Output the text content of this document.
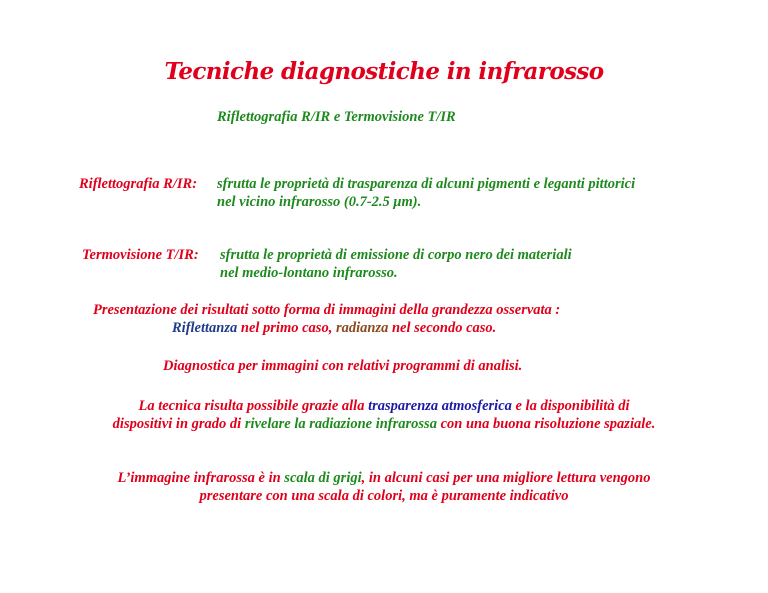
Tecniche diagnostiche in infrarosso
Riflettografia R/IR e Termovisione T/IR
Riflettografia R/IR: sfrutta le proprietà di trasparenza di alcuni pigmenti e leganti pittorici
nel vicino infrarosso (0.7-2.5 μm).
Termovisione T/IR: sfrutta le proprietà di emissione di corpo nero dei materiali
nel medio-lontano infrarosso.
Presentazione dei risultati sotto forma di immagini della grandezza osservata :
Riflettanza nel primo caso, radianza nel secondo caso.
Diagnostica per immagini con relativi programmi di analisi.
La tecnica risulta possibile grazie alla trasparenza atmosferica e la disponibilità di
dispositivi in grado di rivelare la radiazione infrarossa con una buona risoluzione spaziale.
L’immagine infrarossa è in scala di grigi, in alcuni casi per una migliore lettura vengono
presentare con una scala di colori, ma è puramente indicativo
